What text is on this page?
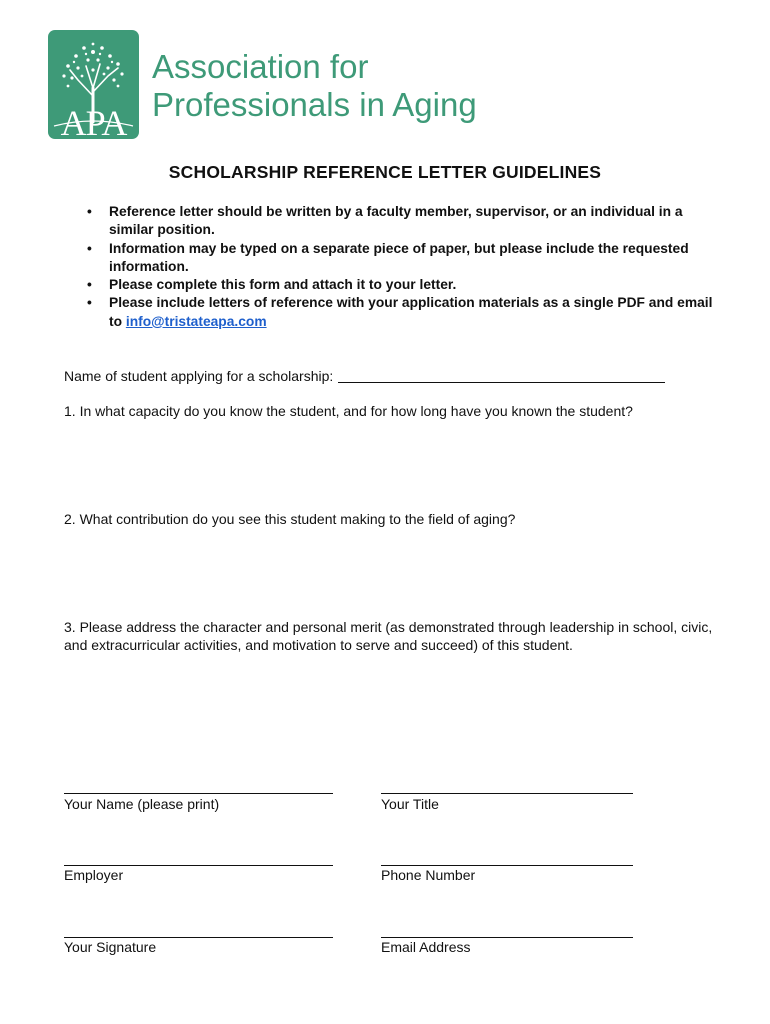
APA
Association for
Professionals in Aging
SCHOLARSHIP REFERENCE LETTER GUIDELINES
• Reference letter should be written by a faculty member, supervisor, or an individual in a similar position.
• Information may be typed on a separate piece of paper, but please include the requested information.
• Please complete this form and attach it to your letter.
• Please include letters of reference with your application materials as a single PDF and email to info@tristateapa.com
Name of student applying for a scholarship:
1. In what capacity do you know the student, and for how long have you known the student?
2. What contribution do you see this student making to the field of aging?
3. Please address the character and personal merit (as demonstrated through leadership in school, civic, and extracurricular activities, and motivation to serve and succeed) of this student.
Your Name (please print)	Your Title
Employer	Phone Number
Your Signature	Email Address
